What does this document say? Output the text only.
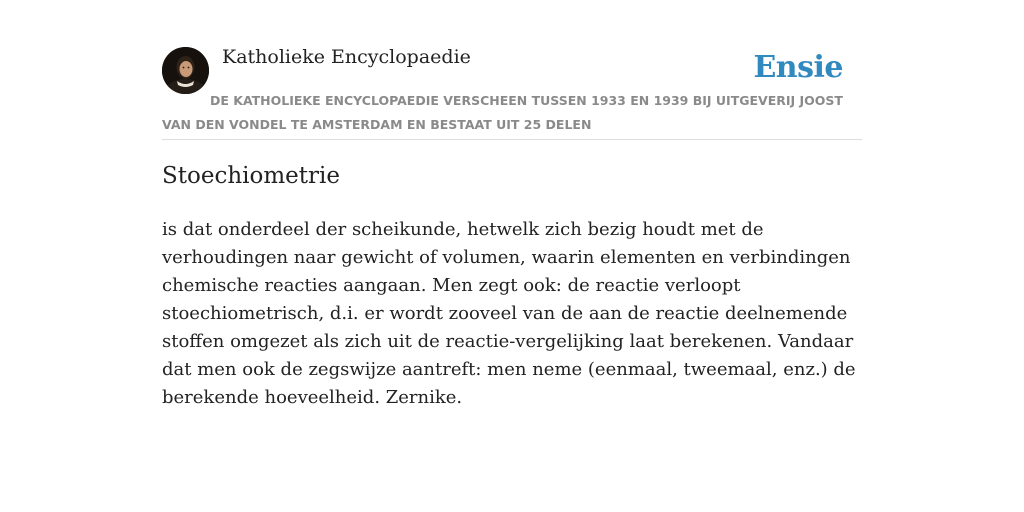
Katholieke Encyclopaedie	Ensie
DE KATHOLIEKE ENCYCLOPAEDIE VERSCHEEN TUSSEN 1933 EN 1939 BIJ UITGEVERIJ JOOST VAN DEN VONDEL TE AMSTERDAM EN BESTAAT UIT 25 DELEN
Stoechiometrie

is dat onderdeel der scheikunde, hetwelk zich bezig houdt met de verhoudingen naar gewicht of volumen, waarin elementen en verbindingen chemische reacties aangaan. Men zegt ook: de reactie verloopt stoechiometrisch, d.i. er wordt zooveel van de aan de reactie deelnemende stoffen omgezet als zich uit de reactie-vergelijking laat berekenen. Vandaar dat men ook de zegswijze aantreft: men neme (eenmaal, tweemaal, enz.) de berekende hoeveelheid. Zernike.
